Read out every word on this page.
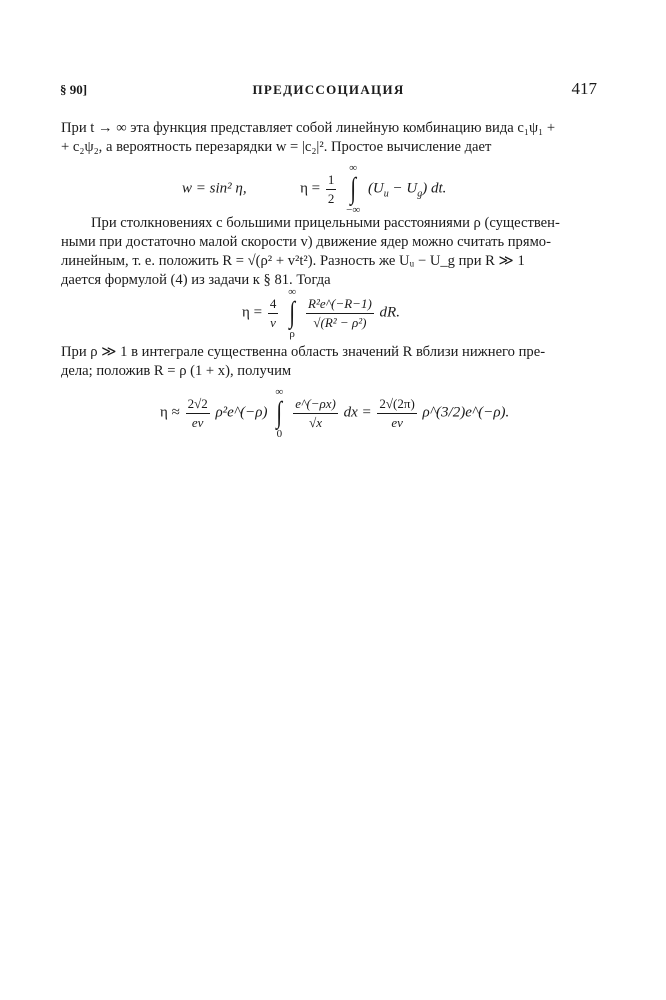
§ 90]	ПРЕДИССОЦИАЦИЯ	417
При t → ∞ эта функция представляет собой линейную комбинацию вида c₁ψ₁ +
+ c₂ψ₂, а вероятность перезарядки w = |c₂|². Простое вычисление дает
w = sin² η,	$\eta = \frac{1}{2}$

∞
∫
−∞
$(U_u - U_g)$ dt.
При столкновениях с большими прицельными расстояниями ρ (существен-
ными при достаточно малой скорости v) движение ядер можно считать прямо-
линейным, т. е. положить R = √(ρ² + v²t²). Разность же Uᵤ − U_g при R ≫ 1
дается формулой (4) из задачи к § 81. Тогда
$\eta = \frac{4}{v}$

∞
∫
ρ

$\frac{\text{R²e\textasciicircum{}(−R−1)}}{\text{√(R² − ρ²)}}$ dR.
При ρ ≫ 1 в интеграле существенна область значений R вблизи нижнего пре-
дела; положив R = ρ (1 + x), получим
$\eta \approx \frac{2√2}{ev}$ ρ²e^(−ρ)
∞
∫
0

$\frac{e\^{}(-\rho x)}{√x}$ dx = $\frac{2√(2\pi)}{ev}$ ρ^(3/2)e^(−ρ).
